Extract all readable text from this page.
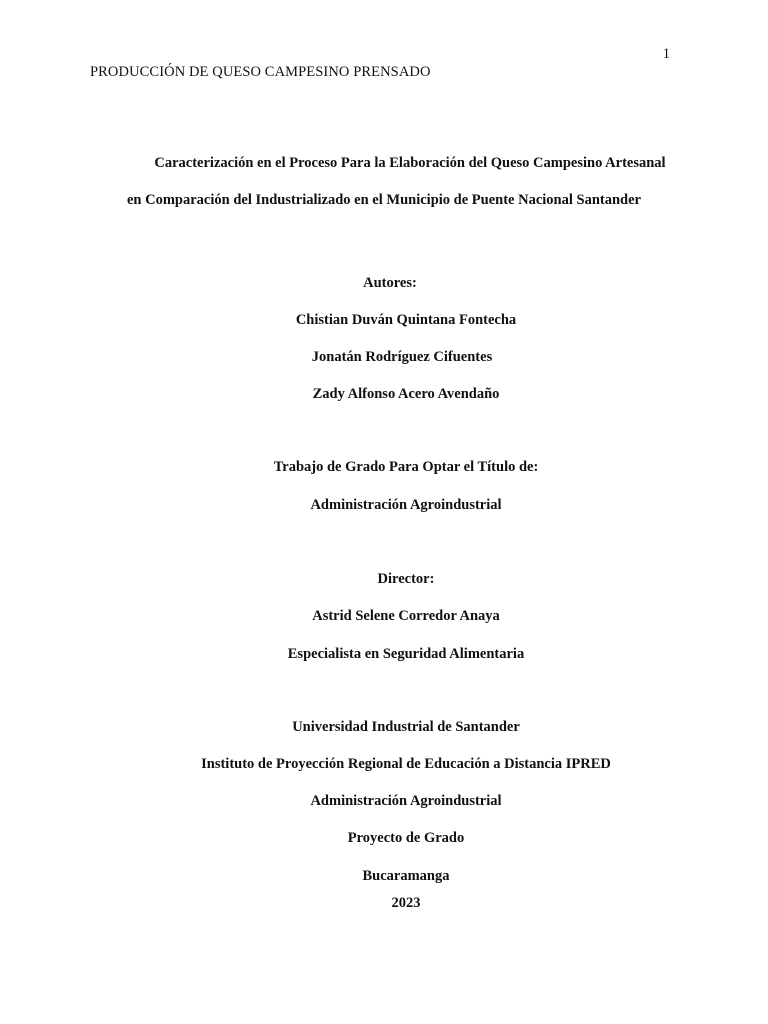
PRODUCCIÓN DE QUESO CAMPESINO PRENSADO
1
Caracterización en el Proceso Para la Elaboración del Queso Campesino Artesanal
en Comparación del Industrializado en el Municipio de Puente Nacional Santander
Autores:
Chistian Duván Quintana Fontecha
Jonatán Rodríguez Cifuentes
Zady Alfonso Acero Avendaño
Trabajo de Grado Para Optar el Título de:
Administración Agroindustrial
Director:
Astrid Selene Corredor Anaya
Especialista en Seguridad Alimentaria
Universidad Industrial de Santander
Instituto de Proyección Regional de Educación a Distancia IPRED
Administración Agroindustrial
Proyecto de Grado
Bucaramanga
2023
